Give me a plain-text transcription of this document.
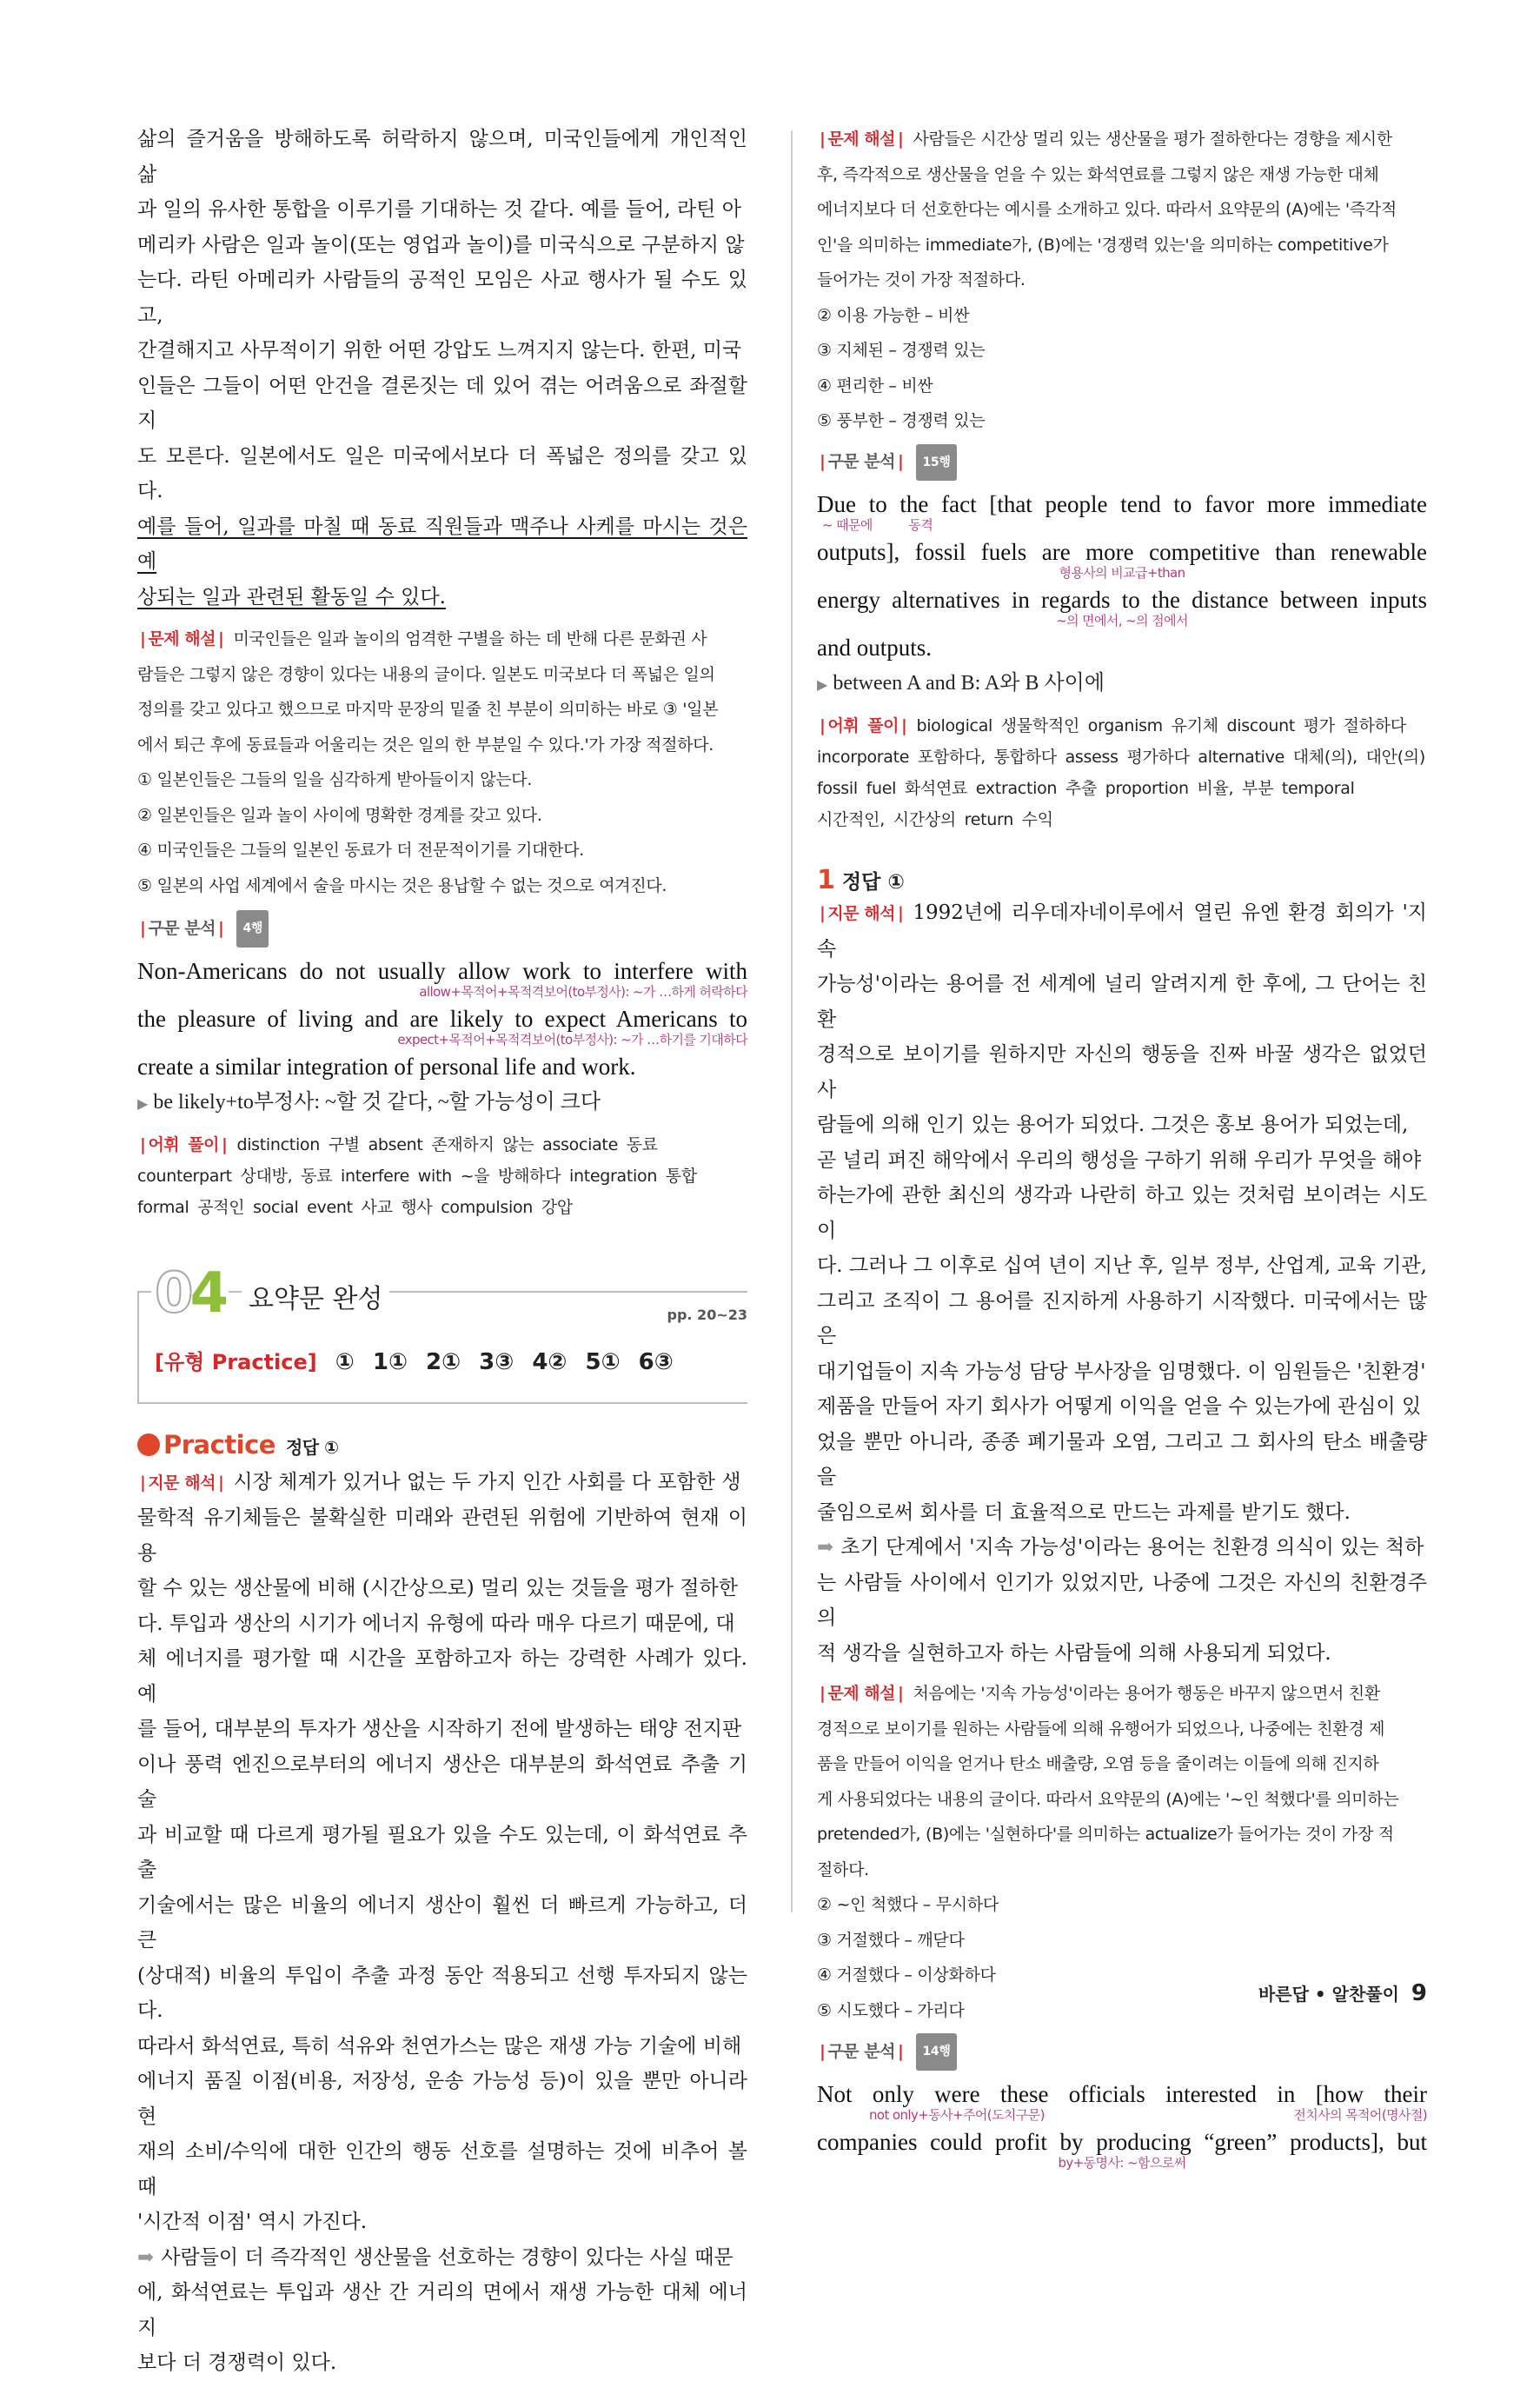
삶의 즐거움을 방해하도록 허락하지 않으며, 미국인들에게 개인적인 삶

과 일의 유사한 통합을 이루기를 기대하는 것 같다. 예를 들어, 라틴 아

메리카 사람은 일과 놀이(또는 영업과 놀이)를 미국식으로 구분하지 않

는다. 라틴 아메리카 사람들의 공적인 모임은 사교 행사가 될 수도 있고,

간결해지고 사무적이기 위한 어떤 강압도 느껴지지 않는다. 한편, 미국

인들은 그들이 어떤 안건을 결론짓는 데 있어 겪는 어려움으로 좌절할지

도 모른다. 일본에서도 일은 미국에서보다 더 폭넓은 정의를 갖고 있다.

예를 들어, 일과를 마칠 때 동료 직원들과 맥주나 사케를 마시는 것은 예

상되는 일과 관련된 활동일 수 있다.

| 문제 해설 | 미국인들은 일과 놀이의 엄격한 구별을 하는 데 반해 다른 문화권 사

람들은 그렇지 않은 경향이 있다는 내용의 글이다. 일본도 미국보다 더 폭넓은 일의

정의를 갖고 있다고 했으므로 마지막 문장의 밑줄 친 부분이 의미하는 바로 ③ '일본

에서 퇴근 후에 동료들과 어울리는 것은 일의 한 부분일 수 있다.'가 가장 적절하다.

① 일본인들은 그들의 일을 심각하게 받아들이지 않는다.

② 일본인들은 일과 놀이 사이에 명확한 경계를 갖고 있다.

④ 미국인들은 그들의 일본인 동료가 더 전문적이기를 기대한다.

⑤ 일본의 사업 세계에서 술을 마시는 것은 용납할 수 없는 것으로 여겨진다.

| 구문 분석 | 4행

Non-Americans do not usually allow work to interfere with

allow+목적어+목적격보어(to부정사): ~가 …하게 허락하다

the pleasure of living and are likely to expect Americans to

expect+목적어+목적격보어(to부정사): ~가 …하기를 기대하다

create a similar integration of personal life and work.

▶ be likely+to부정사: ~할 것 같다, ~할 가능성이 크다

| 어휘 풀이 | distinction 구별 absent 존재하지 않는 associate 동료

counterpart 상대방, 동료 interfere with ~을 방해하다 integration 통합

formal 공적인 social event 사교 행사 compulsion 강압

04 요약문 완성
pp. 20~23
[유형 Practice] ① 1① 2① 3③ 4② 5① 6③
Practice 정답 ①

| 지문 해석 | 시장 체계가 있거나 없는 두 가지 인간 사회를 다 포함한 생

물학적 유기체들은 불확실한 미래와 관련된 위험에 기반하여 현재 이용

할 수 있는 생산물에 비해 (시간상으로) 멀리 있는 것들을 평가 절하한

다. 투입과 생산의 시기가 에너지 유형에 따라 매우 다르기 때문에, 대

체 에너지를 평가할 때 시간을 포함하고자 하는 강력한 사례가 있다. 예

를 들어, 대부분의 투자가 생산을 시작하기 전에 발생하는 태양 전지판

이나 풍력 엔진으로부터의 에너지 생산은 대부분의 화석연료 추출 기술

과 비교할 때 다르게 평가될 필요가 있을 수도 있는데, 이 화석연료 추출

기술에서는 많은 비율의 에너지 생산이 훨씬 더 빠르게 가능하고, 더 큰

(상대적) 비율의 투입이 추출 과정 동안 적용되고 선행 투자되지 않는다.

따라서 화석연료, 특히 석유와 천연가스는 많은 재생 가능 기술에 비해

에너지 품질 이점(비용, 저장성, 운송 가능성 등)이 있을 뿐만 아니라 현

재의 소비/수익에 대한 인간의 행동 선호를 설명하는 것에 비추어 볼 때

'시간적 이점' 역시 가진다.

➡ 사람들이 더 즉각적인 생산물을 선호하는 경향이 있다는 사실 때문

에, 화석연료는 투입과 생산 간 거리의 면에서 재생 가능한 대체 에너지

보다 더 경쟁력이 있다.

| 문제 해설 | 사람들은 시간상 멀리 있는 생산물을 평가 절하한다는 경향을 제시한

후, 즉각적으로 생산물을 얻을 수 있는 화석연료를 그렇지 않은 재생 가능한 대체

에너지보다 더 선호한다는 예시를 소개하고 있다. 따라서 요약문의 (A)에는 '즉각적

인'을 의미하는 immediate가, (B)에는 '경쟁력 있는'을 의미하는 competitive가

들어가는 것이 가장 적절하다.

② 이용 가능한 – 비싼

③ 지체된 – 경쟁력 있는

④ 편리한 – 비싼

⑤ 풍부한 – 경쟁력 있는

| 구문 분석 | 15행

Due to the fact [that people tend to favor more immediate

~ 때문에	동격

outputs], fossil fuels are more competitive than renewable

형용사의 비교급+than

energy alternatives in regards to the distance between inputs

~의 면에서, ~의 점에서

and outputs.

▶ between A and B: A와 B 사이에

| 어휘 풀이 | biological 생물학적인 organism 유기체 discount 평가 절하하다

incorporate 포함하다, 통합하다 assess 평가하다 alternative 대체(의), 대안(의)

fossil fuel 화석연료 extraction 추출 proportion 비율, 부분 temporal

시간적인, 시간상의 return 수익

1 정답 ①

| 지문 해석 | 1992년에 리우데자네이루에서 열린 유엔 환경 회의가 '지속

가능성'이라는 용어를 전 세계에 널리 알려지게 한 후에, 그 단어는 친환

경적으로 보이기를 원하지만 자신의 행동을 진짜 바꿀 생각은 없었던 사

람들에 의해 인기 있는 용어가 되었다. 그것은 홍보 용어가 되었는데,

곧 널리 퍼진 해악에서 우리의 행성을 구하기 위해 우리가 무엇을 해야

하는가에 관한 최신의 생각과 나란히 하고 있는 것처럼 보이려는 시도이

다. 그러나 그 이후로 십여 년이 지난 후, 일부 정부, 산업계, 교육 기관,

그리고 조직이 그 용어를 진지하게 사용하기 시작했다. 미국에서는 많은

대기업들이 지속 가능성 담당 부사장을 임명했다. 이 임원들은 '친환경'

제품을 만들어 자기 회사가 어떻게 이익을 얻을 수 있는가에 관심이 있

었을 뿐만 아니라, 종종 폐기물과 오염, 그리고 그 회사의 탄소 배출량을

줄임으로써 회사를 더 효율적으로 만드는 과제를 받기도 했다.

➡ 초기 단계에서 '지속 가능성'이라는 용어는 친환경 의식이 있는 척하

는 사람들 사이에서 인기가 있었지만, 나중에 그것은 자신의 친환경주의

적 생각을 실현하고자 하는 사람들에 의해 사용되게 되었다.

| 문제 해설 | 처음에는 '지속 가능성'이라는 용어가 행동은 바꾸지 않으면서 친환

경적으로 보이기를 원하는 사람들에 의해 유행어가 되었으나, 나중에는 친환경 제

품을 만들어 이익을 얻거나 탄소 배출량, 오염 등을 줄이려는 이들에 의해 진지하

게 사용되었다는 내용의 글이다. 따라서 요약문의 (A)에는 '~인 척했다'를 의미하는

pretended가, (B)에는 '실현하다'를 의미하는 actualize가 들어가는 것이 가장 적

절하다.

② ~인 척했다 – 무시하다

③ 거절했다 – 깨닫다

④ 거절했다 – 이상화하다

⑤ 시도했다 – 가리다

| 구문 분석 | 14행

Not only were these officials interested in [how their

not only+동사+주어(도치구문)	전치사의 목적어(명사절)

companies could profit by producing “green” products], but

by+동명사: ~함으로써
바른답 • 알찬풀이 9
